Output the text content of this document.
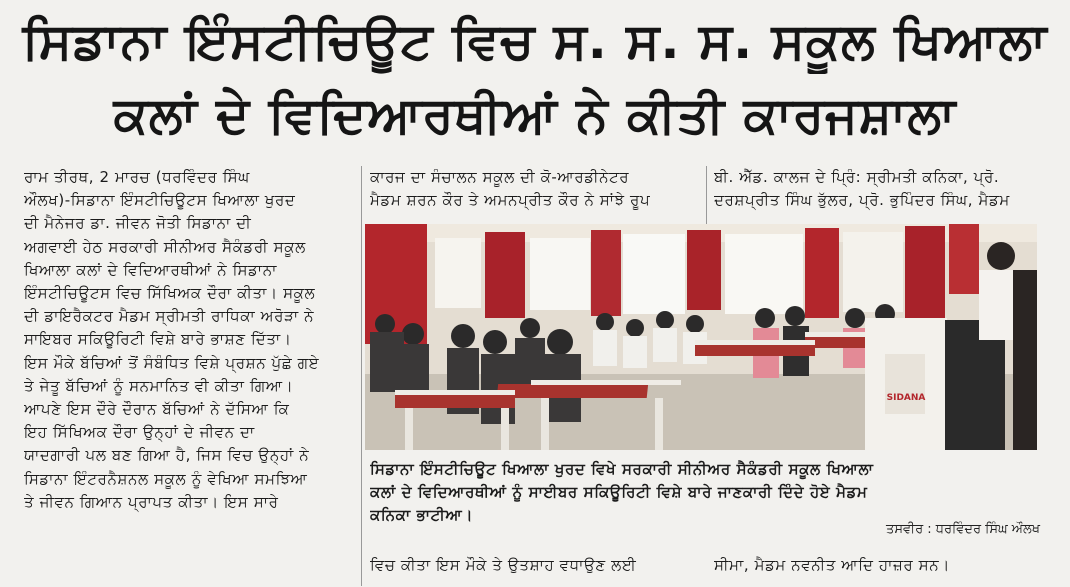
ਸਿਡਾਨਾ ਇੰਸਟੀਚਿਊਟ ਵਿਚ ਸ. ਸ. ਸ. ਸਕੂਲ ਖਿਆਲਾ
ਕਲਾਂ ਦੇ ਵਿਦਿਆਰਥੀਆਂ ਨੇ ਕੀਤੀ ਕਾਰਜਸ਼ਾਲਾ

ਰਾਮ ਤੀਰਥ, 2 ਮਾਰਚ (ਧਰਵਿੰਦਰ ਸਿੰਘ

ਔਲਖ)-ਸਿਡਾਨਾ ਇੰਸਟੀਚਿਊਟਸ ਖਿਆਲਾ ਖੁਰਦ

ਦੀ ਮੈਨੇਜਰ ਡਾ. ਜੀਵਨ ਜੋਤੀ ਸਿਡਾਨਾ ਦੀ

ਅਗਵਾਈ ਹੇਠ ਸਰਕਾਰੀ ਸੀਨੀਅਰ ਸੈਕੰਡਰੀ ਸਕੂਲ

ਖਿਆਲਾ ਕਲਾਂ ਦੇ ਵਿਦਿਆਰਥੀਆਂ ਨੇ ਸਿਡਾਨਾ

ਇੰਸਟੀਚਿਊਟਸ ਵਿਚ ਸਿੱਖਿਅਕ ਦੌਰਾ ਕੀਤਾ। ਸਕੂਲ

ਦੀ ਡਾਇਰੈਕਟਰ ਮੈਡਮ ਸ੍ਰੀਮਤੀ ਰਾਧਿਕਾ ਅਰੋੜਾ ਨੇ

ਸਾਇਬਰ ਸਕਿਊਰਿਟੀ ਵਿਸ਼ੇ ਬਾਰੇ ਭਾਸ਼ਣ ਦਿੱਤਾ।

ਇਸ ਮੌਕੇ ਬੱਚਿਆਂ ਤੋਂ ਸੰਬੰਧਿਤ ਵਿਸ਼ੇ ਪ੍ਰਸ਼ਨ ਪੁੱਛੇ ਗਏ

ਤੇ ਜੇਤੂ ਬੱਚਿਆਂ ਨੂੰ ਸਨਮਾਨਿਤ ਵੀ ਕੀਤਾ ਗਿਆ।

ਆਪਣੇ ਇਸ ਦੌਰੇ ਦੌਰਾਨ ਬੱਚਿਆਂ ਨੇ ਦੱਸਿਆ ਕਿ

ਇਹ ਸਿੱਖਿਅਕ ਦੌਰਾ ਉਨ੍ਹਾਂ ਦੇ ਜੀਵਨ ਦਾ

ਯਾਦਗਾਰੀ ਪਲ ਬਣ ਗਿਆ ਹੈ, ਜਿਸ ਵਿਚ ਉਨ੍ਹਾਂ ਨੇ

ਸਿਡਾਨਾ ਇੰਟਰਨੈਸ਼ਨਲ ਸਕੂਲ ਨੂੰ ਵੇਖਿਆ ਸਮਝਿਆ

ਤੇ ਜੀਵਨ ਗਿਆਨ ਪ੍ਰਾਪਤ ਕੀਤਾ। ਇਸ ਸਾਰੇ

ਕਾਰਜ ਦਾ ਸੰਚਾਲਨ ਸਕੂਲ ਦੀ ਕੋ-ਆਰਡੀਨੇਟਰ

ਮੈਡਮ ਸ਼ਰਨ ਕੌਰ ਤੇ ਅਮਨਪ੍ਰੀਤ ਕੌਰ ਨੇ ਸਾਂਝੇ ਰੂਪ

ਬੀ. ਐੱਡ. ਕਾਲਜ ਦੇ ਪ੍ਰਿੰ: ਸ੍ਰੀਮਤੀ ਕਨਿਕਾ, ਪ੍ਰੋ.

ਦਰਸ਼ਪ੍ਰੀਤ ਸਿੰਘ ਭੁੱਲਰ, ਪ੍ਰੋ. ਭੁਪਿੰਦਰ ਸਿੰਘ, ਮੈਡਮ

SIDANA

ਸਿਡਾਨਾ ਇੰਸਟੀਚਿਊਟ ਖਿਆਲਾ ਖੁਰਦ ਵਿਖੇ ਸਰਕਾਰੀ ਸੀਨੀਅਰ ਸੈਕੰਡਰੀ ਸਕੂਲ ਖਿਆਲਾ

ਕਲਾਂ ਦੇ ਵਿਦਿਆਰਥੀਆਂ ਨੂੰ ਸਾਈਬਰ ਸਕਿਊਰਿਟੀ ਵਿਸ਼ੇ ਬਾਰੇ ਜਾਣਕਾਰੀ ਦਿੰਦੇ ਹੋਏ ਮੈਡਮ

ਕਨਿਕਾ ਭਾਟੀਆ।

ਤਸਵੀਰ : ਧਰਵਿੰਦਰ ਸਿੰਘ ਔਲਖ

ਵਿਚ ਕੀਤਾ ਇਸ ਮੌਕੇ ਤੇ ਉਤਸ਼ਾਹ ਵਧਾਉਣ ਲਈ	ਸੀਮਾ, ਮੈਡਮ ਨਵਨੀਤ ਆਦਿ ਹਾਜ਼ਰ ਸਨ।
